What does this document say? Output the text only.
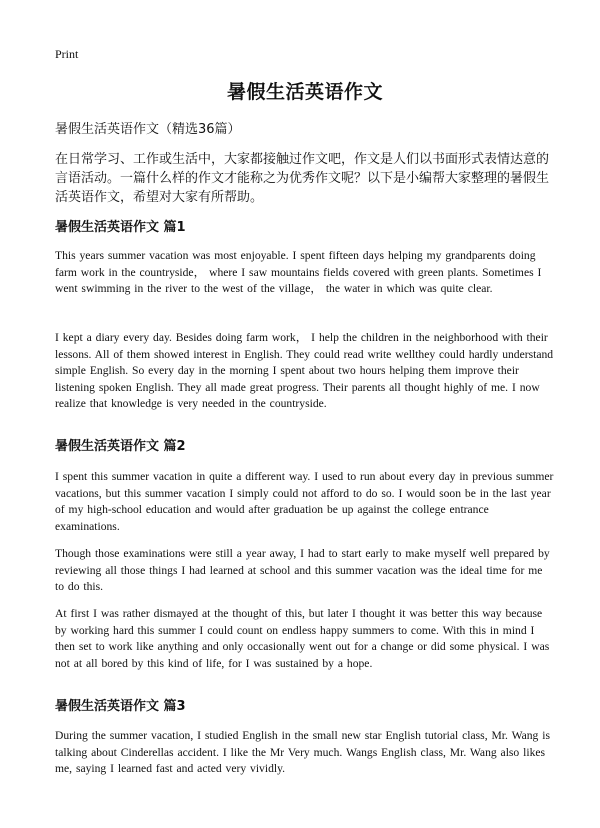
Print
暑假生活英语作文
暑假生活英语作文（精选36篇）

在日常学习、工作或生活中，大家都接触过作文吧，作文是人们以书面形式表情达意的言语活动。一篇什么样的作文才能称之为优秀作文呢？以下是小编帮大家整理的暑假生活英语作文，希望对大家有所帮助。

暑假生活英语作文 篇1

This years summer vacation was most enjoyable. I spent fifteen days helping my grandparents doing farm work in the countryside， where I saw mountains fields covered with green plants. Sometimes I went swimming in the river to the west of the village， the water in which was quite clear.

I kept a diary every day. Besides doing farm work， I help the children in the neighborhood with their lessons. All of them showed interest in English. They could read write wellthey could hardly understand simple English. So every day in the morning I spent about two hours helping them improve their listening spoken English. They all made great progress. Their parents all thought highly of me. I now realize that knowledge is very needed in the countryside.

暑假生活英语作文 篇2

I spent this summer vacation in quite a different way. I used to run about every day in previous summer vacations, but this summer vacation I simply could not afford to do so. I would soon be in the last year of my high-school education and would after graduation be up against the college entrance examinations.

Though those examinations were still a year away, I had to start early to make myself well prepared by reviewing all those things I had learned at school and this summer vacation was the ideal time for me to do this.

At first I was rather dismayed at the thought of this, but later I thought it was better this way because by working hard this summer I could count on endless happy summers to come. With this in mind I then set to work like anything and only occasionally went out for a change or did some physical. I was not at all bored by this kind of life, for I was sustained by a hope.

暑假生活英语作文 篇3

During the summer vacation, I studied English in the small new star English tutorial class, Mr. Wang is talking about Cinderellas accident. I like the Mr Very much. Wangs English class, Mr. Wang also likes me, saying I learned fast and acted very vividly.
